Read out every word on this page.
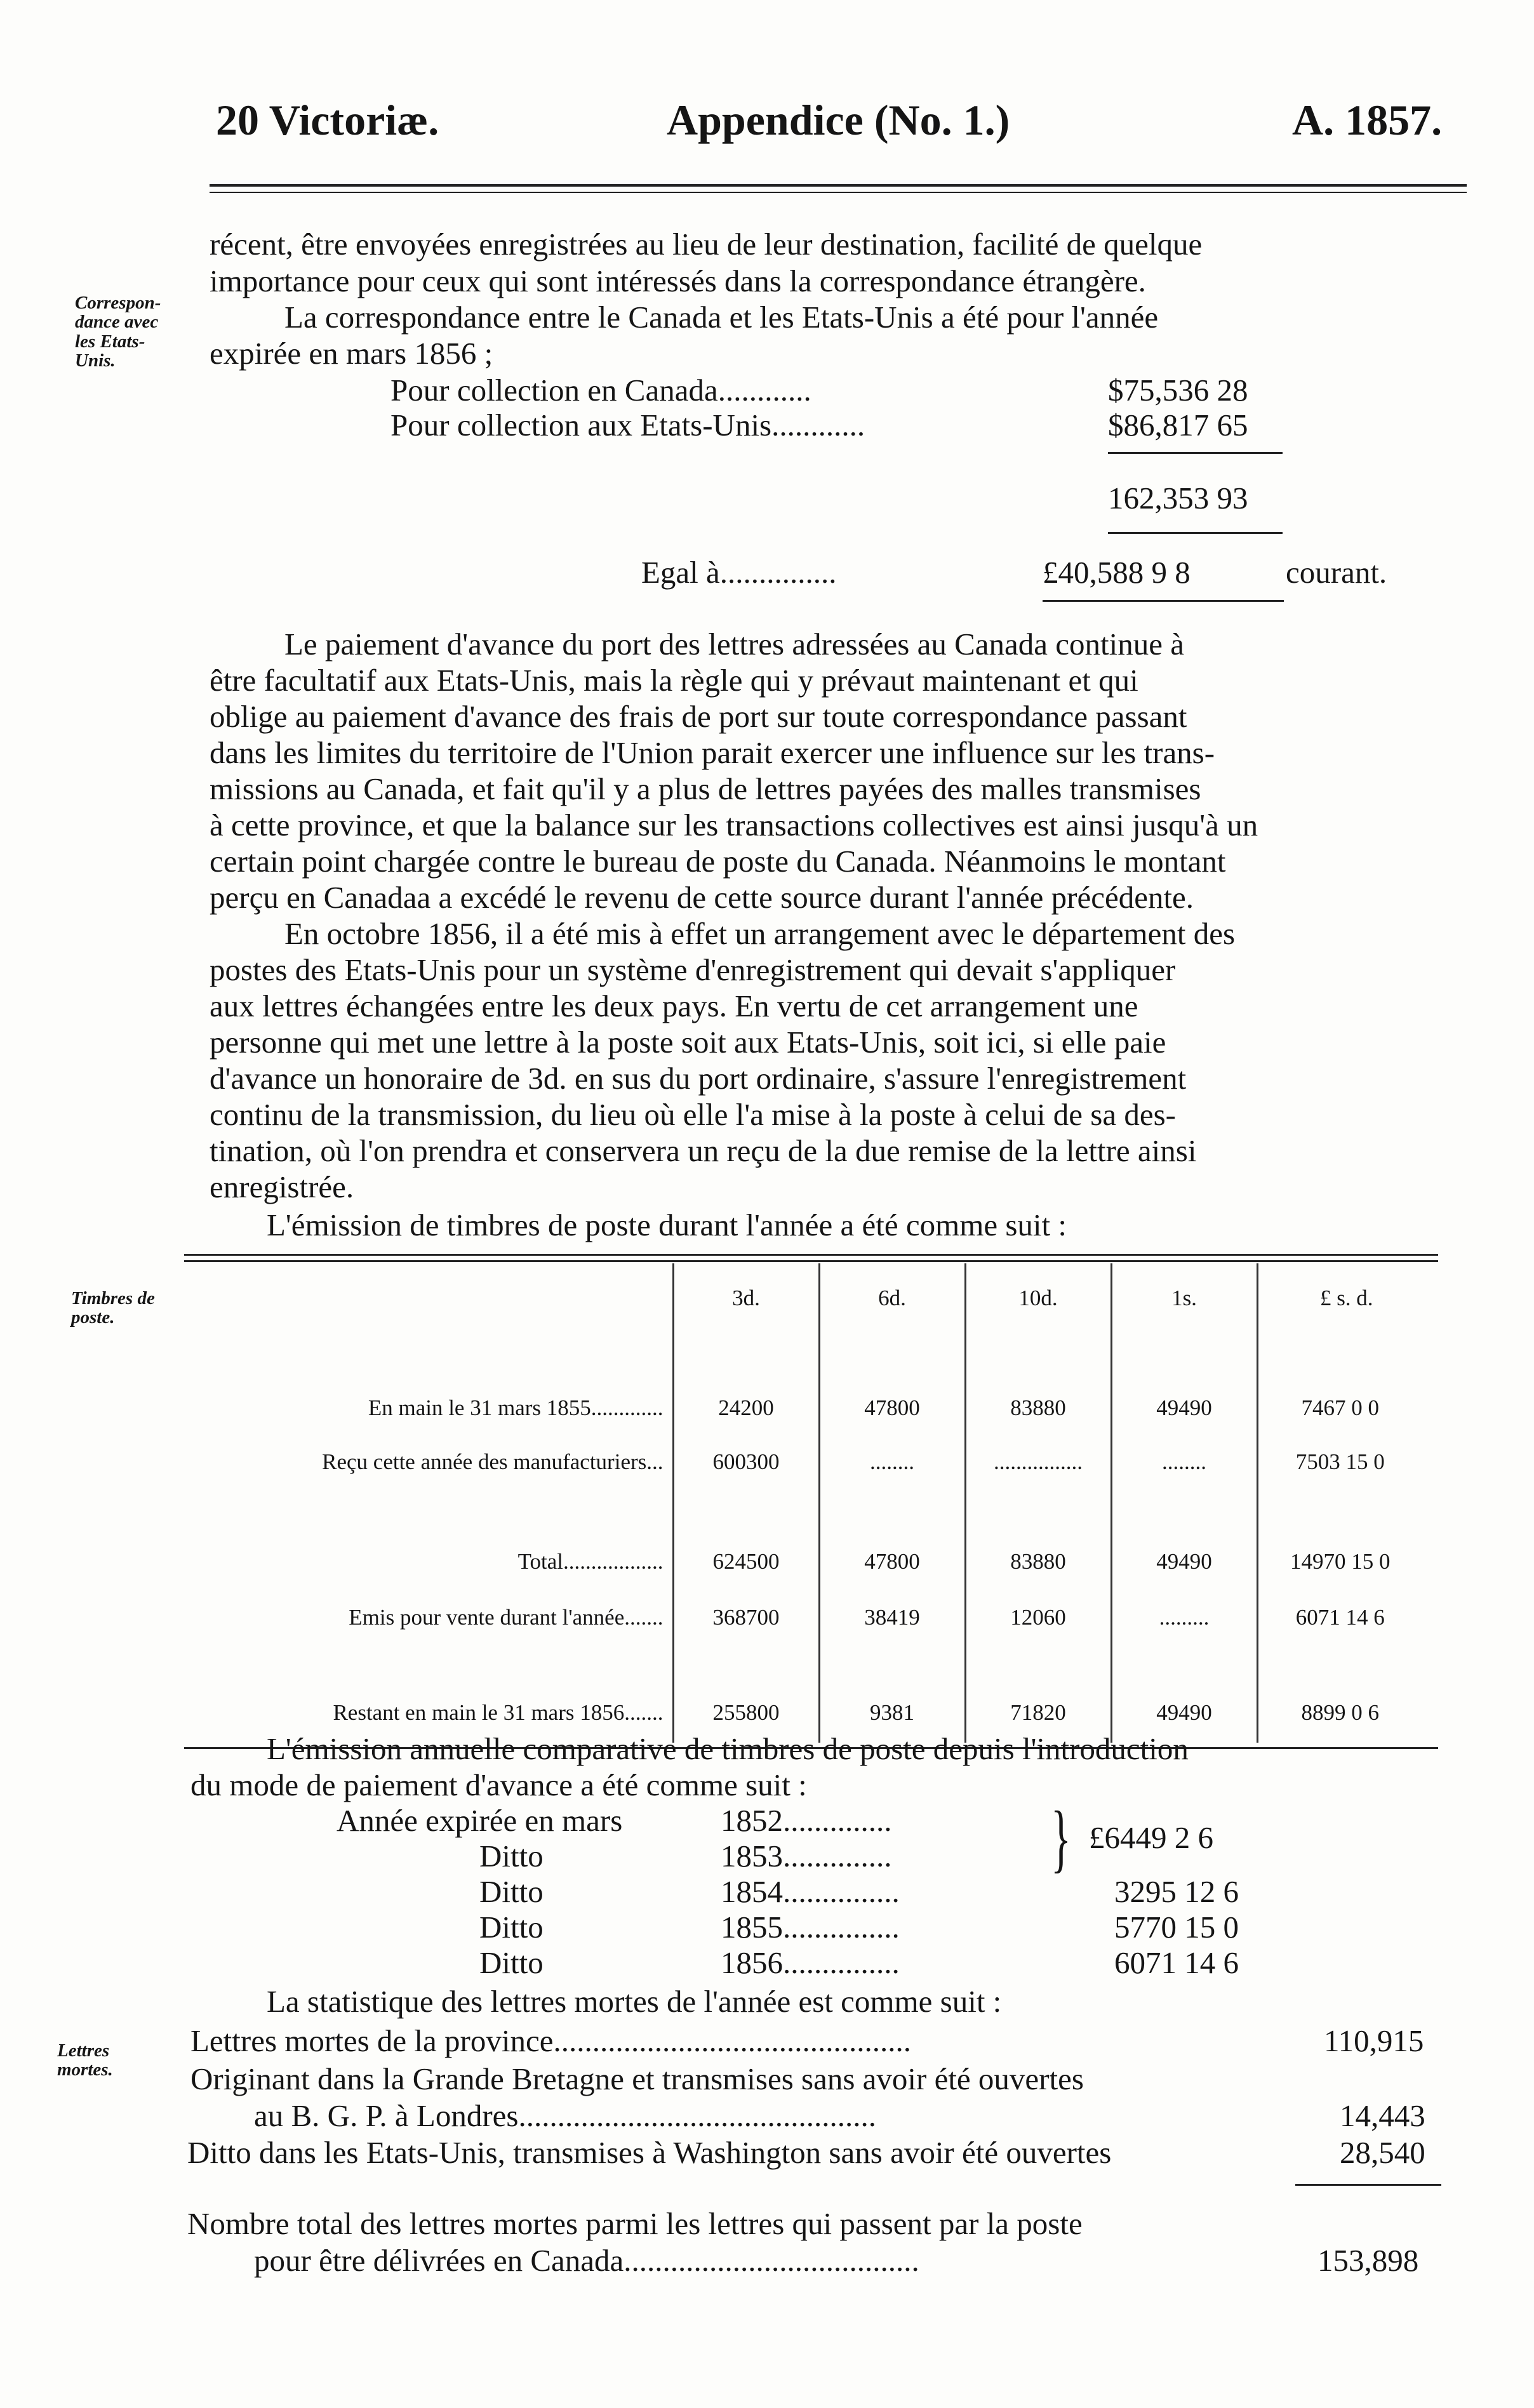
20 Victoriæ.	Appendice (No. 1.)	A. 1857.
Correspon-
dance avec
les Etats-
Unis.
Timbres de
poste.
Lettres
mortes.
récent, être envoyées enregistrées au lieu de leur destination, facilité de quelque
importance pour ceux qui sont intéressés dans la correspondance étrangère.
La correspondance entre le Canada et les Etats-Unis a été pour l'année
expirée en mars 1856 ;
Pour collection en Canada............	$75,536 28
Pour collection aux Etats-Unis............	$86,817 65
162,353 93
Egal à...............	£40,588 9 8	courant.
Le paiement d'avance du port des lettres adressées au Canada continue à
être facultatif aux Etats-Unis, mais la règle qui y prévaut maintenant et qui
oblige au paiement d'avance des frais de port sur toute correspondance passant
dans les limites du territoire de l'Union parait exercer une influence sur les trans-
missions au Canada, et fait qu'il y a plus de lettres payées des malles transmises
à cette province, et que la balance sur les transactions collectives est ainsi jusqu'à un
certain point chargée contre le bureau de poste du Canada. Néanmoins le montant
perçu en Canadaa a excédé le revenu de cette source durant l'année précédente.
En octobre 1856, il a été mis à effet un arrangement avec le département des
postes des Etats-Unis pour un système d'enregistrement qui devait s'appliquer
aux lettres échangées entre les deux pays. En vertu de cet arrangement une
personne qui met une lettre à la poste soit aux Etats-Unis, soit ici, si elle paie
d'avance un honoraire de 3d. en sus du port ordinaire, s'assure l'enregistrement
continu de la transmission, du lieu où elle l'a mise à la poste à celui de sa des-
tination, où l'on prendra et conservera un reçu de la due remise de la lettre ainsi
enregistrée.
L'émission de timbres de poste durant l'année a été comme suit :
	3d.	6d.	10d.	1s.	£ s. d.

En main le 31 mars 1855.............	24200	47800	83880	49490	7467 0 0
Reçu cette année des manufacturiers...	600300	........	................	........	7503 15 0

Total..................	624500	47800	83880	49490	14970 15 0
Emis pour vente durant l'année.......	368700	38419	12060	.........	6071 14 6

Restant en main le 31 mars 1856.......	255800	9381	71820	49490	8899 0 6
L'émission annuelle comparative de timbres de poste depuis l'introduction
du mode de paiement d'avance a été comme suit :
Année expirée en mars	1852..............
Ditto	1853.............. } £6449 2 6
Ditto	1854...............	3295 12 6
Ditto	1855...............	5770 15 0
Ditto	1856...............	6071 14 6
La statistique des lettres mortes de l'année est comme suit :
Lettres mortes de la province..............................................	110,915
Originant dans la Grande Bretagne et transmises sans avoir été ouvertes
au B. G. P. à Londres..............................................	14,443
Ditto dans les Etats-Unis, transmises à Washington sans avoir été ouvertes	28,540
Nombre total des lettres mortes parmi les lettres qui passent par la poste
pour être délivrées en Canada......................................	153,898
